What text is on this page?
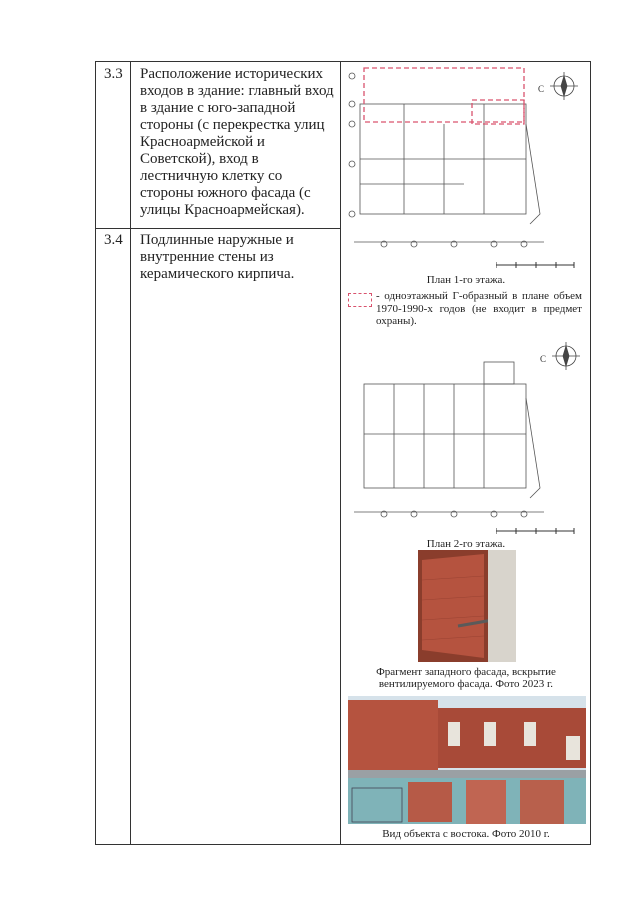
3.3 Расположение исторических входов в здание: главный вход в здание с юго-западной стороны (с перекрестка улиц Красноармейской и Советской), вход в лестничную клетку со стороны южного фасада (с улицы Красноармейская).
3.4 Подлинные наружные и внутренние стены из керамического кирпича.
С
План 1-го этажа.
- одноэтажный Г-образный в плане объем 1970-1990-х годов (не входит в предмет охраны).
С
План 2-го этажа.
Фрагмент западного фасада, вскрытие вентилируемого фасада. Фото 2023 г.
Вид объекта с востока. Фото 2010 г.
